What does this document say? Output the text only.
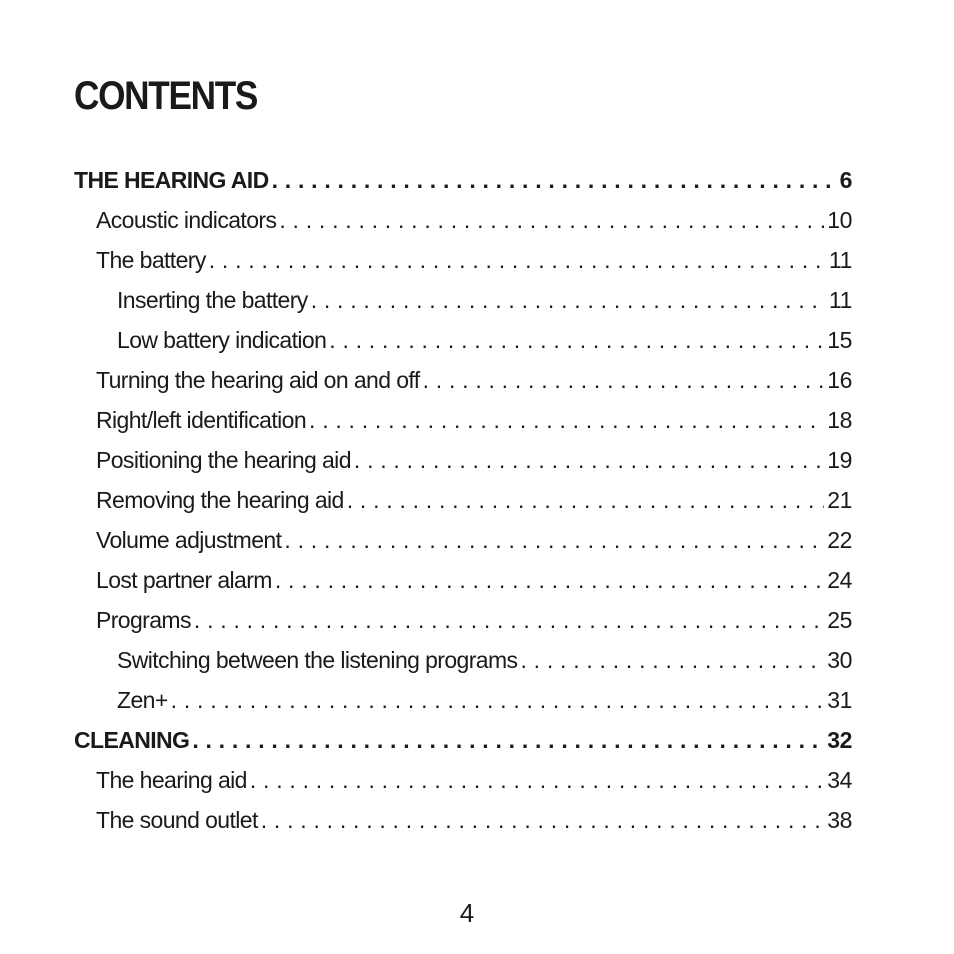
CONTENTS
THE HEARING AID . . .	6
Acoustic indicators . . .	10
The battery . . .	11
Inserting the battery . . .	11
Low battery indication . . .	15
Turning the hearing aid on and off . . .	16
Right/left identification . . .	18
Positioning the hearing aid . . .	19
Removing the hearing aid . . .	21
Volume adjustment . . .	22
Lost partner alarm . . .	24
Programs . . .	25
Switching between the listening programs . . .	30
Zen+ . . .	31
CLEANING . . .	32
The hearing aid . . .	34
The sound outlet . . .	38
4
